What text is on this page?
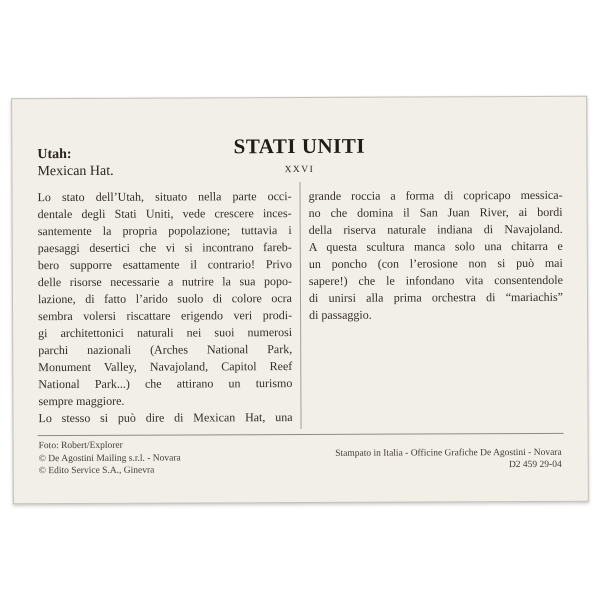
Utah:
Mexican Hat.
STATI UNITI
XXVI
Lo stato dell’Utah, situato nella parte occi-
dentale degli Stati Uniti, vede crescere inces-
santemente la propria popolazione; tuttavia i
paesaggi desertici che vi si incontrano fareb-
bero supporre esattamente il contrario! Privo
delle risorse necessarie a nutrire la sua popo-
lazione, di fatto l’arido suolo di colore ocra
sembra volersi riscattare erigendo veri prodi-
gi architettonici naturali nei suoi numerosi
parchi nazionali (Arches National Park,
Monument Valley, Navajoland, Capitol Reef
National Park...) che attirano un turismo
sempre maggiore.
Lo stesso si può dire di Mexican Hat, una
grande roccia a forma di copricapo messica-
no che domina il San Juan River, ai bordi
della riserva naturale indiana di Navajoland.
A questa scultura manca solo una chitarra e
un poncho (con l’erosione non si può mai
sapere!) che le infondano vita consentendole
di unirsi alla prima orchestra di “mariachis”
di passaggio.
Foto: Robert/Explorer
© De Agostini Mailing s.r.l. - Novara
© Edito Service S.A., Ginevra
Stampato in Italia - Officine Grafiche De Agostini - Novara
D2 459 29-04
